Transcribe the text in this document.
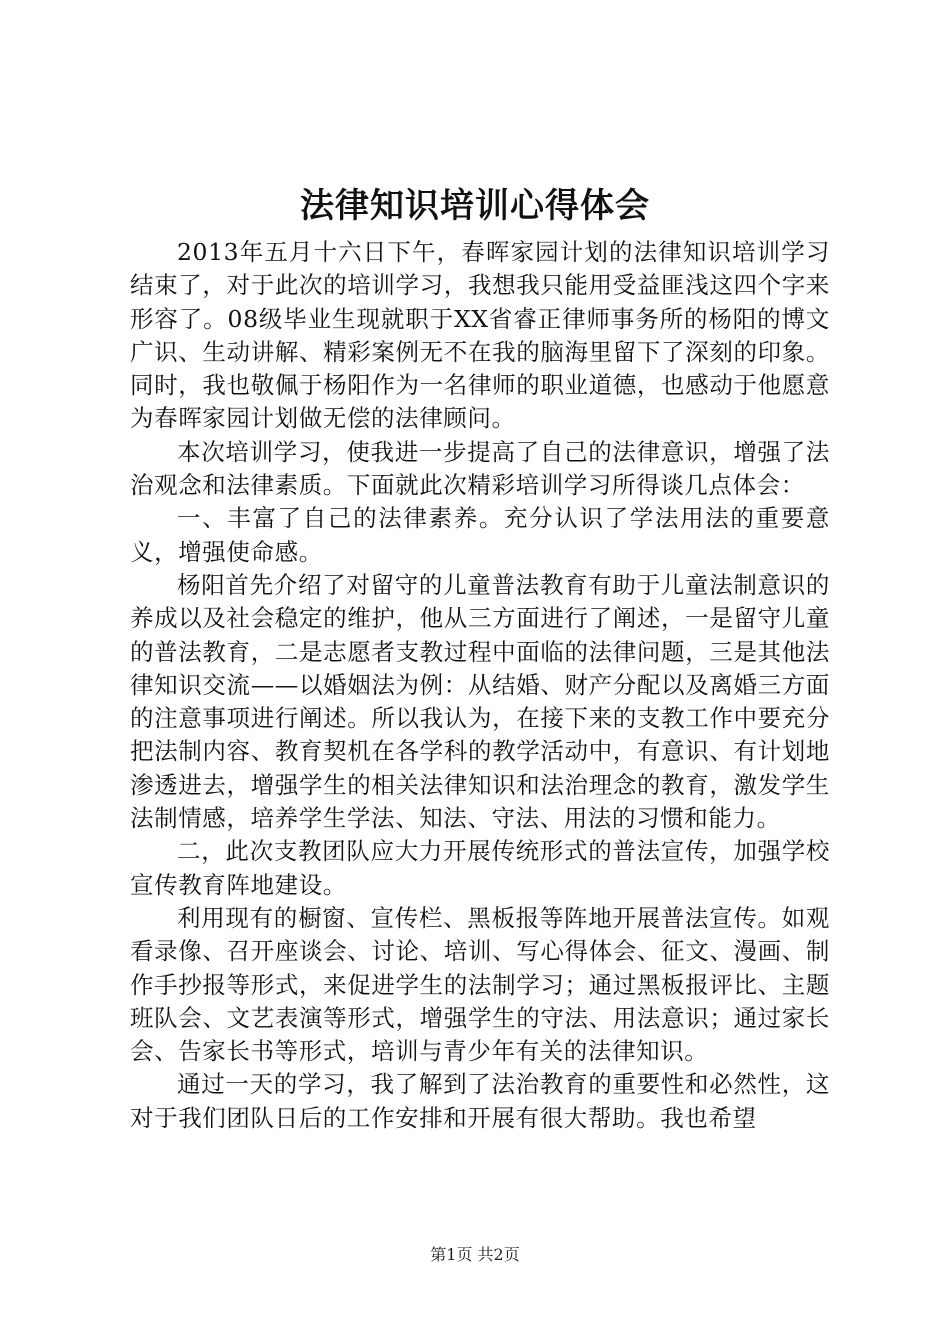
法律知识培训心得体会

2013年五月十六日下午，春晖家园计划的法律知识培训学习结束了，对于此次的培训学习，我想我只能用受益匪浅这四个字来形容了。08级毕业生现就职于XX省睿正律师事务所的杨阳的博文广识、生动讲解、精彩案例无不在我的脑海里留下了深刻的印象。同时，我也敬佩于杨阳作为一名律师的职业道德，也感动于他愿意为春晖家园计划做无偿的法律顾问。

本次培训学习，使我进一步提高了自己的法律意识，增强了法治观念和法律素质。下面就此次精彩培训学习所得谈几点体会：

一、丰富了自己的法律素养。充分认识了学法用法的重要意义，增强使命感。

杨阳首先介绍了对留守的儿童普法教育有助于儿童法制意识的养成以及社会稳定的维护，他从三方面进行了阐述，一是留守儿童的普法教育，二是志愿者支教过程中面临的法律问题，三是其他法律知识交流——以婚姻法为例：从结婚、财产分配以及离婚三方面的注意事项进行阐述。所以我认为，在接下来的支教工作中要充分把法制内容、教育契机在各学科的教学活动中，有意识、有计划地渗透进去，增强学生的相关法律知识和法治理念的教育，激发学生法制情感，培养学生学法、知法、守法、用法的习惯和能力。

二，此次支教团队应大力开展传统形式的普法宣传，加强学校宣传教育阵地建设。

利用现有的橱窗、宣传栏、黑板报等阵地开展普法宣传。如观看录像、召开座谈会、讨论、培训、写心得体会、征文、漫画、制作手抄报等形式，来促进学生的法制学习；通过黑板报评比、主题班队会、文艺表演等形式，增强学生的守法、用法意识；通过家长会、告家长书等形式，培训与青少年有关的法律知识。

通过一天的学习，我了解到了法治教育的重要性和必然性，这对于我们团队日后的工作安排和开展有很大帮助。我也希望

第1页 共2页
